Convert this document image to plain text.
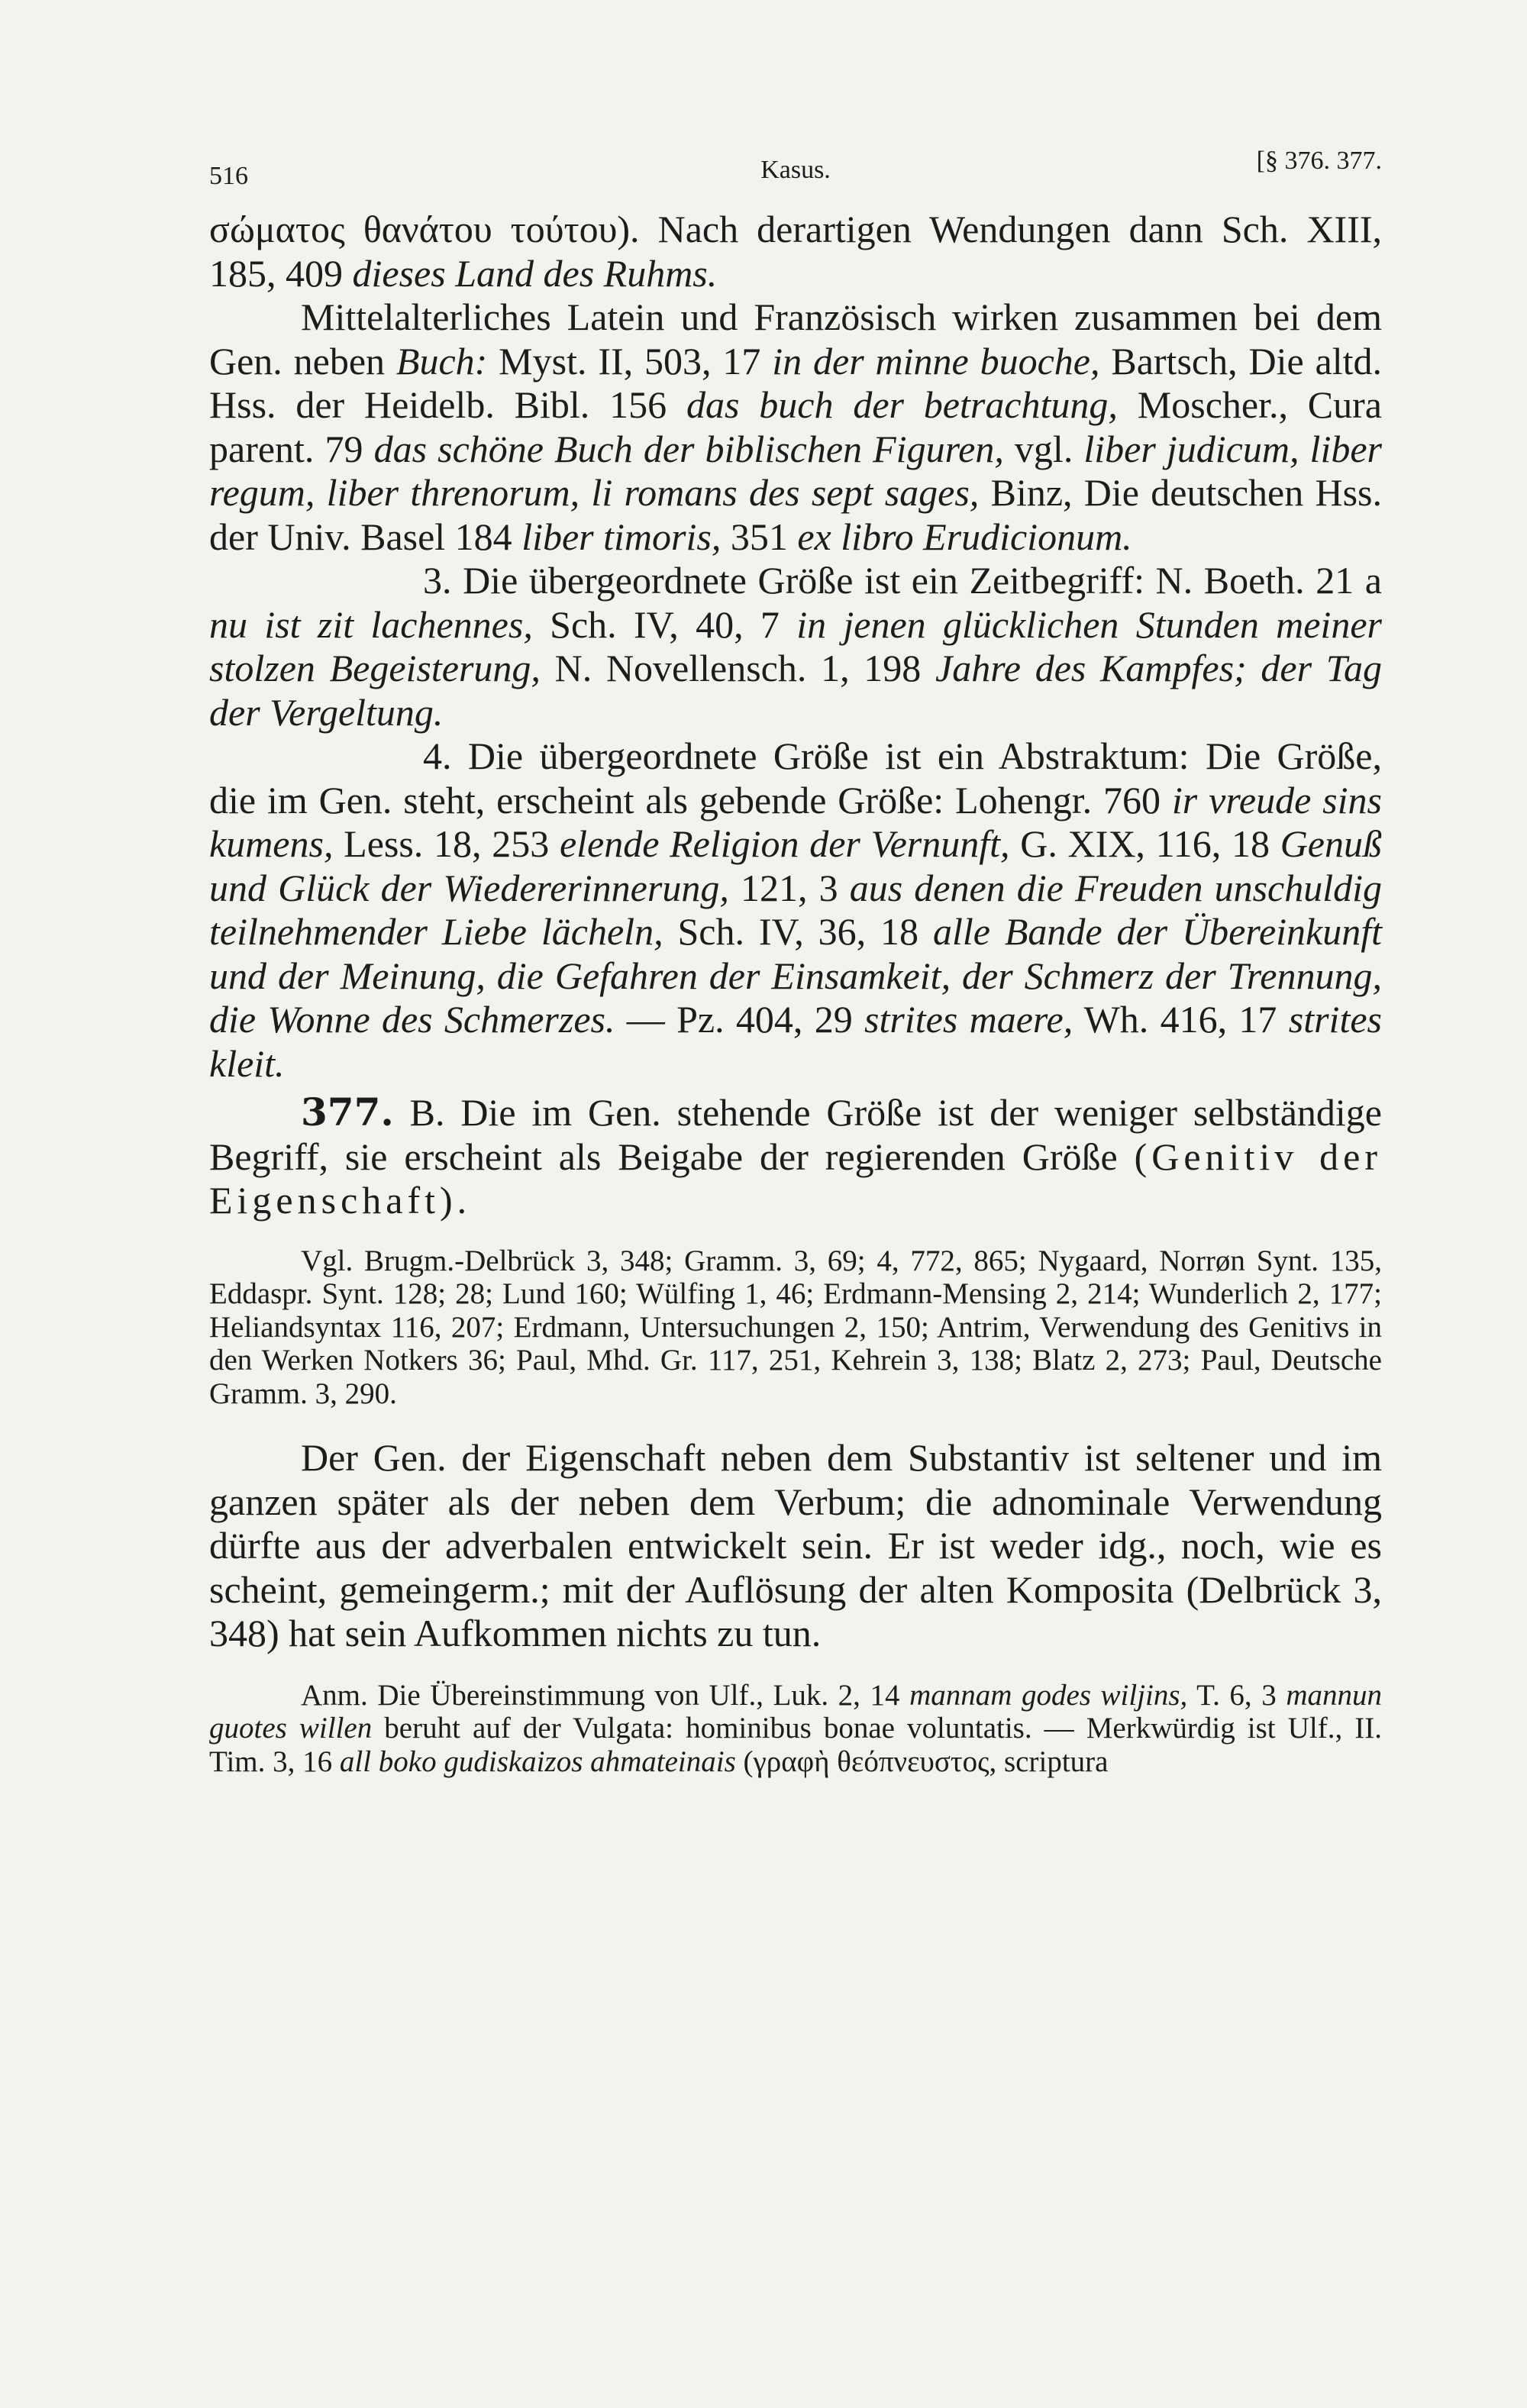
516	Kasus.	[§ 376. 377.

σώματος θανάτου τούτου). Nach derartigen Wendungen dann Sch. XIII, 185, 409 dieses Land des Ruhms.

Mittelalterliches Latein und Französisch wirken zusammen bei dem Gen. neben Buch: Myst. II, 503, 17 in der minne buoche, Bartsch, Die altd. Hss. der Heidelb. Bibl. 156 das buch der betrachtung, Moscher., Cura parent. 79 das schöne Buch der biblischen Figuren, vgl. liber judicum, liber regum, liber threnorum, li romans des sept sages, Binz, Die deutschen Hss. der Univ. Basel 184 liber timoris, 351 ex libro Erudicionum.

3. Die übergeordnete Größe ist ein Zeitbegriff: N. Boeth. 21 a nu ist zit lachennes, Sch. IV, 40, 7 in jenen glücklichen Stunden meiner stolzen Begeisterung, N. Novellensch. 1, 198 Jahre des Kampfes; der Tag der Vergeltung.

4. Die übergeordnete Größe ist ein Abstraktum: Die Größe, die im Gen. steht, erscheint als gebende Größe: Lohengr. 760 ir vreude sins kumens, Less. 18, 253 elende Religion der Vernunft, G. XIX, 116, 18 Genuß und Glück der Wiedererinnerung, 121, 3 aus denen die Freuden unschuldig teilnehmender Liebe lächeln, Sch. IV, 36, 18 alle Bande der Übereinkunft und der Meinung, die Gefahren der Einsamkeit, der Schmerz der Trennung, die Wonne des Schmerzes. — Pz. 404, 29 strites maere, Wh. 416, 17 strites kleit.

377. B. Die im Gen. stehende Größe ist der weniger selbständige Begriff, sie erscheint als Beigabe der regierenden Größe (Genitiv der Eigenschaft).

Vgl. Brugm.-Delbrück 3, 348; Gramm. 3, 69; 4, 772, 865; Nygaard, Norrøn Synt. 135, Eddaspr. Synt. 128; 28; Lund 160; Wülfing 1, 46; Erdmann-Mensing 2, 214; Wunderlich 2, 177; Heliandsyntax 116, 207; Erdmann, Untersuchungen 2, 150; Antrim, Verwendung des Genitivs in den Werken Notkers 36; Paul, Mhd. Gr. 117, 251, Kehrein 3, 138; Blatz 2, 273; Paul, Deutsche Gramm. 3, 290.

Der Gen. der Eigenschaft neben dem Substantiv ist seltener und im ganzen später als der neben dem Verbum; die adnominale Verwendung dürfte aus der adverbalen entwickelt sein. Er ist weder idg., noch, wie es scheint, gemeingerm.; mit der Auflösung der alten Komposita (Delbrück 3, 348) hat sein Aufkommen nichts zu tun.

Anm. Die Übereinstimmung von Ulf., Luk. 2, 14 mannam godes wiljins, T. 6, 3 mannun guotes willen beruht auf der Vulgata: hominibus bonae voluntatis. — Merkwürdig ist Ulf., II. Tim. 3, 16 all boko gudiskaizos ahmateinais (γραφὴ θεόπνευστος, scriptura
